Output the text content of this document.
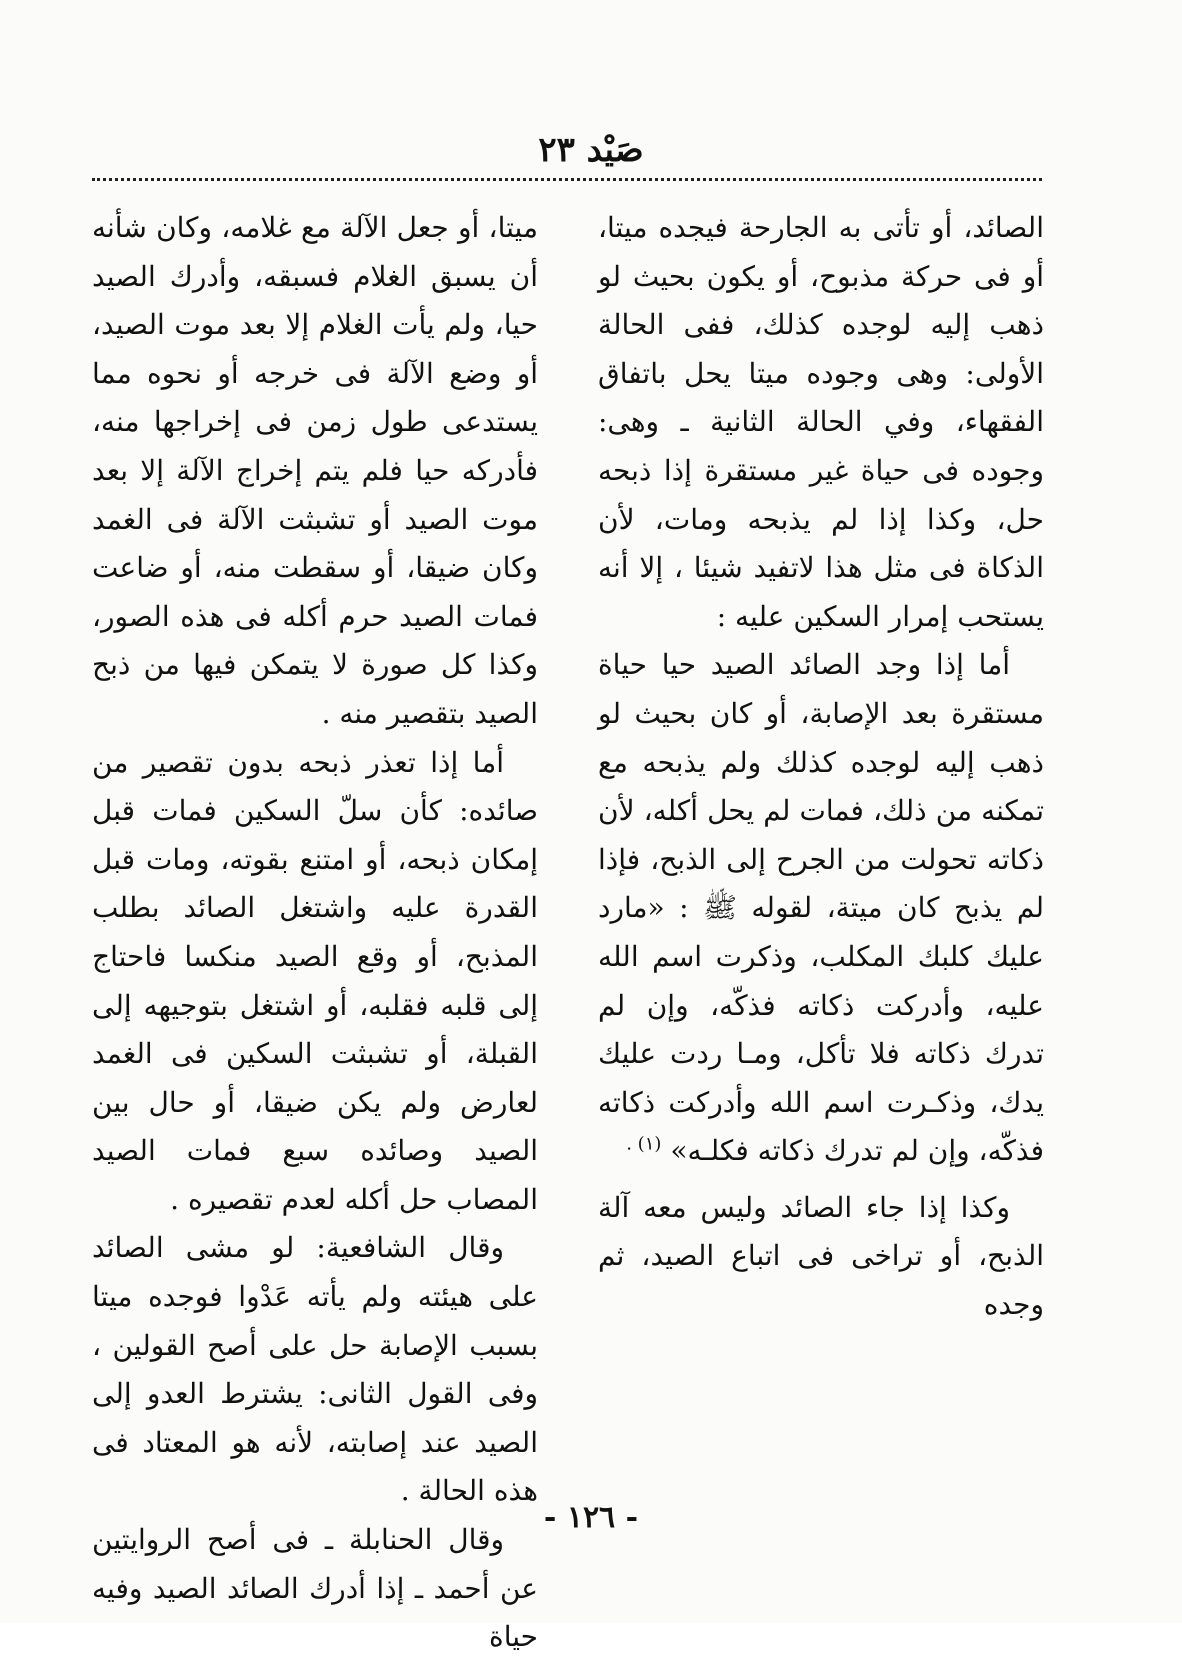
صَيْد ٢٣

الصائد، أو تأتى به الجارحة فيجده ميتا، أو فى حركة مذبوح، أو يكون بحيث لو ذهب إليه لوجده كذلك، ففى الحالة الأولى: وهى وجوده ميتا يحل باتفاق الفقهاء، وفي الحالة الثانية ـ وهى: وجوده فى حياة غير مستقرة إذا ذبحه حل، وكذا إذا لم يذبحه ومات، لأن الذكاة فى مثل هذا لاتفيد شيئا ، إلا أنه يستحب إمرار السكين عليه :

أما إذا وجد الصائد الصيد حيا حياة مستقرة بعد الإصابة، أو كان بحيث لو ذهب إليه لوجده كذلك ولم يذبحه مع تمكنه من ذلك، فمات لم يحل أكله، لأن ذكاته تحولت من الجرح إلى الذبح، فإذا لم يذبح كان ميتة، لقوله ﷺ : «مارد عليك كلبك المكلب، وذكرت اسم الله عليه، وأدركت ذكاته فذكّه، وإن لم تدرك ذكاته فلا تأكل، ومـا ردت عليك يدك، وذكـرت اسم الله وأدركت ذكاته فذكّه، وإن لم تدرك ذكاته فكلـه» $^{(١) .}$

وكذا إذا جاء الصائد وليس معه آلة الذبح، أو تراخى فى اتباع الصيد، ثم وجده

ميتا، أو جعل الآلة مع غلامه، وكان شأنه أن يسبق الغلام فسبقه، وأدرك الصيد حيا، ولم يأت الغلام إلا بعد موت الصيد، أو وضع الآلة فى خرجه أو نحوه مما يستدعى طول زمن فى إخراجها منه، فأدركه حيا فلم يتم إخراج الآلة إلا بعد موت الصيد أو تشبثت الآلة فى الغمد وكان ضيقا، أو سقطت منه، أو ضاعت فمات الصيد حرم أكله فى هذه الصور، وكذا كل صورة لا يتمكن فيها من ذبح الصيد بتقصير منه .

أما إذا تعذر ذبحه بدون تقصير من صائده: كأن سلّ السكين فمات قبل إمكان ذبحه، أو امتنع بقوته، ومات قبل القدرة عليه واشتغل الصائد بطلب المذبح، أو وقع الصيد منكسا فاحتاج إلى قلبه فقلبه، أو اشتغل بتوجيهه إلى القبلة، أو تشبثت السكين فى الغمد لعارض ولم يكن ضيقا، أو حال بين الصيد وصائده سبع فمات الصيد المصاب حل أكله لعدم تقصيره .

وقال الشافعية: لو مشى الصائد على هيئته ولم يأته عَدْوا فوجده ميتا بسبب الإصابة حل على أصح القولين ، وفى القول الثانى: يشترط العدو إلى الصيد عند إصابته، لأنه هو المعتاد فى هذه الحالة .

وقال الحنابلة ـ فى أصح الروايتين عن أحمد ـ إذا أدرك الصائد الصيد وفيه حياة

- ١٢٦ -
